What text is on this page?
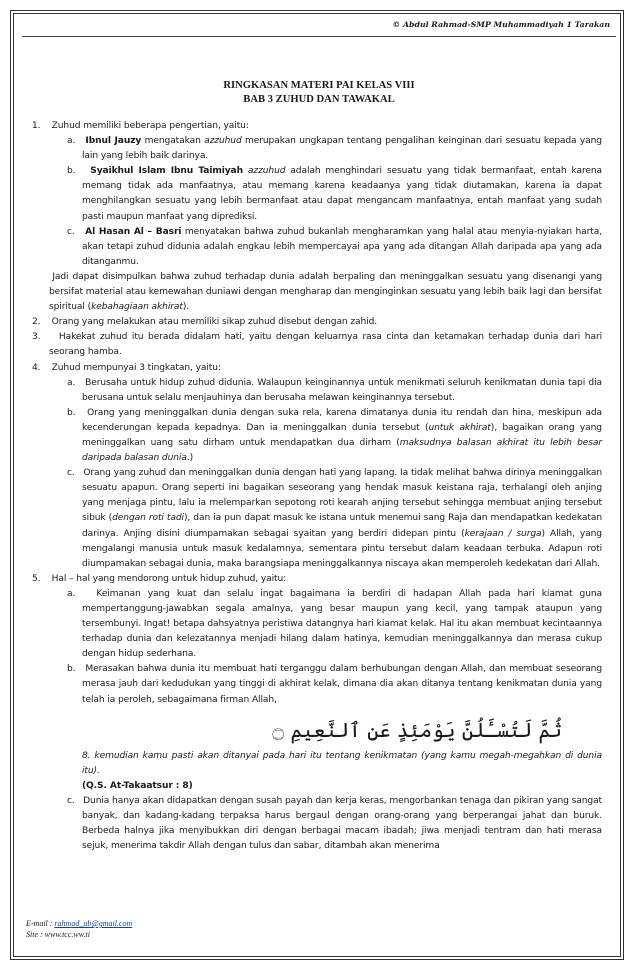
© Abdul Rahmad-SMP Muhammadiyah 1 Tarakan
RINGKASAN MATERI PAI KELAS VIII
BAB 3 ZUHUD DAN TAWAKAL

1.    Zuhud memiliki beberapa pengertian, yaitu:

a.   Ibnul Jauzy mengatakan azzuhud merupakan ungkapan tentang pengalihan keinginan dari sesuatu kepada yang lain yang lebih baik darinya.

b.   Syaikhul Islam Ibnu Taimiyah azzuhud adalah menghindari sesuatu yang tidak bermanfaat, entah karena memang tidak ada manfaatnya, atau memang karena keadaanya yang tidak diutamakan, karena ia dapat menghilangkan sesuatu yang lebih bermanfaat atau dapat mengancam manfaatnya, entah manfaat yang sudah pasti maupun manfaat yang diprediksi.

c.   Al Hasan Al – Basri menyatakan bahwa zuhud bukanlah mengharamkan yang halal atau menyia-nyiakan harta, akan tetapi zuhud didunia adalah engkau lebih mempercayai apa yang ada ditangan Allah daripada apa yang ada ditanganmu.

Jadi dapat disimpulkan bahwa zuhud terhadap dunia adalah berpaling dan meninggalkan sesuatu yang disenangi yang bersifat material atau kemewahan duniawi dengan mengharap dan menginginkan sesuatu yang lebih baik lagi dan bersifat spiritual (kebahagiaan akhirat).

2.    Orang yang melakukan atau memiliki sikap zuhud disebut dengan zahid.

3.    Hakekat zuhud itu berada didalam hati, yaitu dengan keluarnya rasa cinta dan ketamakan terhadap dunia dari hari seorang hamba.

4.    Zuhud mempunyai 3 tingkatan, yaitu:

a.   Berusaha untuk hidup zuhud didunia. Walaupun keinginannya untuk menikmati seluruh kenikmatan dunia tapi dia berusana untuk selalu menjauhinya dan berusaha melawan keinginannya tersebut.

b.   Orang yang meninggalkan dunia dengan suka rela, karena dimatanya dunia itu rendah dan hina, meskipun ada kecenderungan kepada kepadnya. Dan ia meninggalkan dunia tersebut (untuk akhirat), bagaikan orang yang meninggalkan uang satu dirham untuk mendapatkan dua dirham (maksudnya balasan akhirat itu lebih besar daripada balasan dunia.)

c.   Orang yang zuhud dan meninggalkan dunia dengan hati yang lapang. Ia tidak melihat bahwa dirinya meninggalkan sesuatu apapun. Orang seperti ini bagaikan seseorang yang hendak masuk keistana raja, terhalangi oleh anjing yang menjaga pintu, lalu ia melemparkan sepotong roti kearah anjing tersebut sehingga membuat anjing tersebut sibuk (dengan roti tadi), dan ia pun dapat masuk ke istana untuk menemui sang Raja dan mendapatkan kedekatan darinya. Anjing disini diumpamakan sebagai syaitan yang berdiri didepan pintu (kerajaan / surga) Allah, yang mengalangi manusia untuk masuk kedalamnya, sementara pintu tersebut dalam keadaan terbuka. Adapun roti diumpamakan sebagai dunia, maka barangsiapa meninggalkannya niscaya akan memperoleh kedekatan dari Allah.

5.    Hal – hal yang mendorong untuk hidup zuhud, yaitu:

a.   Keimanan yang kuat dan selalu ingat bagaimana ia berdiri di hadapan Allah pada hari kiamat guna mempertanggung-jawabkan segala amalnya, yang besar maupun yang kecil, yang tampak ataupun yang tersembunyi. Ingat! betapa dahsyatnya peristiwa datangnya hari kiamat kelak. Hal itu akan membuat kecintaannya terhadap dunia dan kelezatannya menjadi hilang dalam hatinya, kemudian meninggalkannya dan merasa cukup dengan hidup sederhana.

b.   Merasakan bahwa dunia itu membuat hati terganggu dalam berhubungan dengan Allah, dan membuat seseorang merasa jauh dari kedudukan yang tinggi di akhirat kelak, dimana dia akan ditanya tentang kenikmatan dunia yang telah ia peroleh, sebagaimana firman Allah,

ثُمَّ لَتُسْـَٔلُنَّ يَوْمَئِذٍ عَنِ ٱلنَّعِيمِ ۝

8. kemudian kamu pasti akan ditanyai pada hari itu tentang kenikmatan (yang kamu megah-megahkan di dunia itu).

(Q.S. At-Takaatsur : 8)

c.   Dunia hanya akan didapatkan dengan susah payah dan kerja keras, mengorbankan tenaga dan pikiran yang sangat banyak, dan kadang-kadang terpaksa harus bergaul dengan orang-orang yang berperangai jahat dan buruk. Berbeda halnya jika menyibukkan diri dengan berbagai macam ibadah; jiwa menjadi tentram dan hati merasa sejuk, menerima takdir Allah dengan tulus dan sabar, ditambah akan menerima

E-mail : rahmad_ub@gmail.com
Site : www.tcc.ww.ti
